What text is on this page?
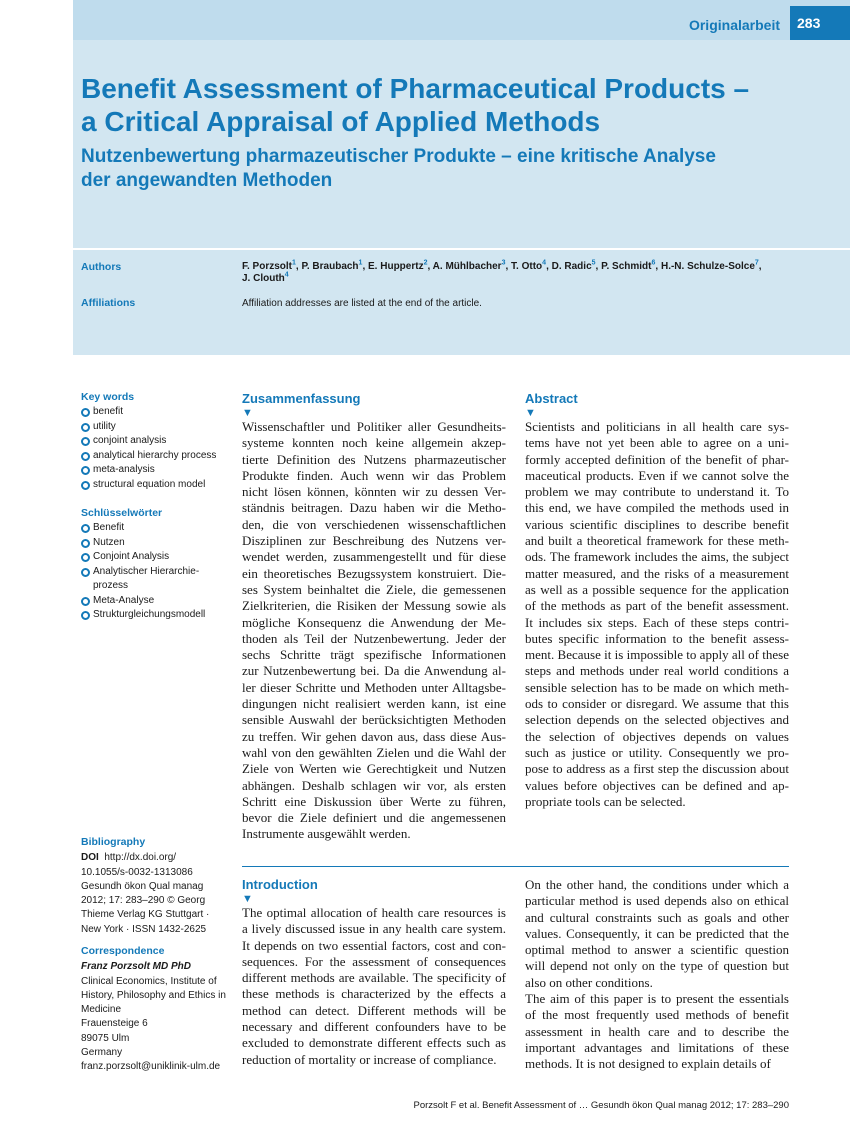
Originalarbeit	283
Benefit Assessment of Pharmaceutical Products –
a Critical Appraisal of Applied Methods
Nutzenbewertung pharmazeutischer Produkte – eine kritische Analyse
der angewandten Methoden
Authors	F. Porzsolt$^1$, P. Braubach$^1$, E. Huppertz$^2$, A. Mühlbacher$^3$, T. Otto$^4$, D. Radic$^5$, P. Schmidt$^6$, H.-N. Schulze-Solce$^7$,
J. Clouth$^4$
Affiliations	Affiliation addresses are listed at the end of the article.
Key words
benefit
utility
conjoint analysis
analytical hierarchy process
meta-analysis
structural equation model
Schlüsselwörter
Benefit
Nutzen
Conjoint Analysis
Analytischer Hierarchie-
prozess
Meta-Analyse
Strukturgleichungsmodell
Bibliography
DOI http://dx.doi.org/
10.1055/s-0032-1313086
Gesundh ökon Qual manag
2012; 17: 283–290 © Georg
Thieme Verlag KG Stuttgart ·
New York · ISSN 1432-2625
Correspondence
Franz Porzsolt MD PhD
Clinical Economics, Institute of
History, Philosophy and Ethics in
Medicine
Frauensteige 6
89075 Ulm
Germany
franz.porzsolt@uniklinik-ulm.de
Zusammenfassung
▼
Wissenschaftler und Politiker aller Gesundheits-
systeme konnten noch keine allgemein akzep-
tierte Definition des Nutzens pharmazeutischer
Produkte finden. Auch wenn wir das Problem
nicht lösen können, könnten wir zu dessen Ver-
ständnis beitragen. Dazu haben wir die Metho-
den, die von verschiedenen wissenschaftlichen
Disziplinen zur Beschreibung des Nutzens ver-
wendet werden, zusammengestellt und für diese
ein theoretisches Bezugssystem konstruiert. Die-
ses System beinhaltet die Ziele, die gemessenen
Zielkriterien, die Risiken der Messung sowie als
mögliche Konsequenz die Anwendung der Me-
thoden als Teil der Nutzenbewertung. Jeder der
sechs Schritte trägt spezifische Informationen
zur Nutzenbewertung bei. Da die Anwendung al-
ler dieser Schritte und Methoden unter Alltagsbe-
dingungen nicht realisiert werden kann, ist eine
sensible Auswahl der berücksichtigten Methoden
zu treffen. Wir gehen davon aus, dass diese Aus-
wahl von den gewählten Zielen und die Wahl der
Ziele von Werten wie Gerechtigkeit und Nutzen
abhängen. Deshalb schlagen wir vor, als ersten
Schritt eine Diskussion über Werte zu führen,
bevor die Ziele definiert und die angemessenen
Instrumente ausgewählt werden.
Abstract
▼
Scientists and politicians in all health care sys-
tems have not yet been able to agree on a uni-
formly accepted definition of the benefit of phar-
maceutical products. Even if we cannot solve the
problem we may contribute to understand it. To
this end, we have compiled the methods used in
various scientific disciplines to describe benefit
and built a theoretical framework for these meth-
ods. The framework includes the aims, the subject
matter measured, and the risks of a measurement
as well as a possible sequence for the application
of the methods as part of the benefit assessment.
It includes six steps. Each of these steps contri-
butes specific information to the benefit assess-
ment. Because it is impossible to apply all of these
steps and methods under real world conditions a
sensible selection has to be made on which meth-
ods to consider or disregard. We assume that this
selection depends on the selected objectives and
the selection of objectives depends on values
such as justice or utility. Consequently we pro-
pose to address as a first step the discussion about
values before objectives can be defined and ap-
propriate tools can be selected.
Introduction
▼
The optimal allocation of health care resources is
a lively discussed issue in any health care system.
It depends on two essential factors, cost and con-
sequences. For the assessment of consequences
different methods are available. The specificity of
these methods is characterized by the effects a
method can detect. Different methods will be
necessary and different confounders have to be
excluded to demonstrate different effects such as
reduction of mortality or increase of compliance.
On the other hand, the conditions under which a
particular method is used depends also on ethical
and cultural constraints such as goals and other
values. Consequently, it can be predicted that the
optimal method to answer a scientific question
will depend not only on the type of question but
also on other conditions.
The aim of this paper is to present the essentials
of the most frequently used methods of benefit
assessment in health care and to describe the
important advantages and limitations of these
methods. It is not designed to explain details of
Porzsolt F et al. Benefit Assessment of … Gesundh ökon Qual manag 2012; 17: 283–290
